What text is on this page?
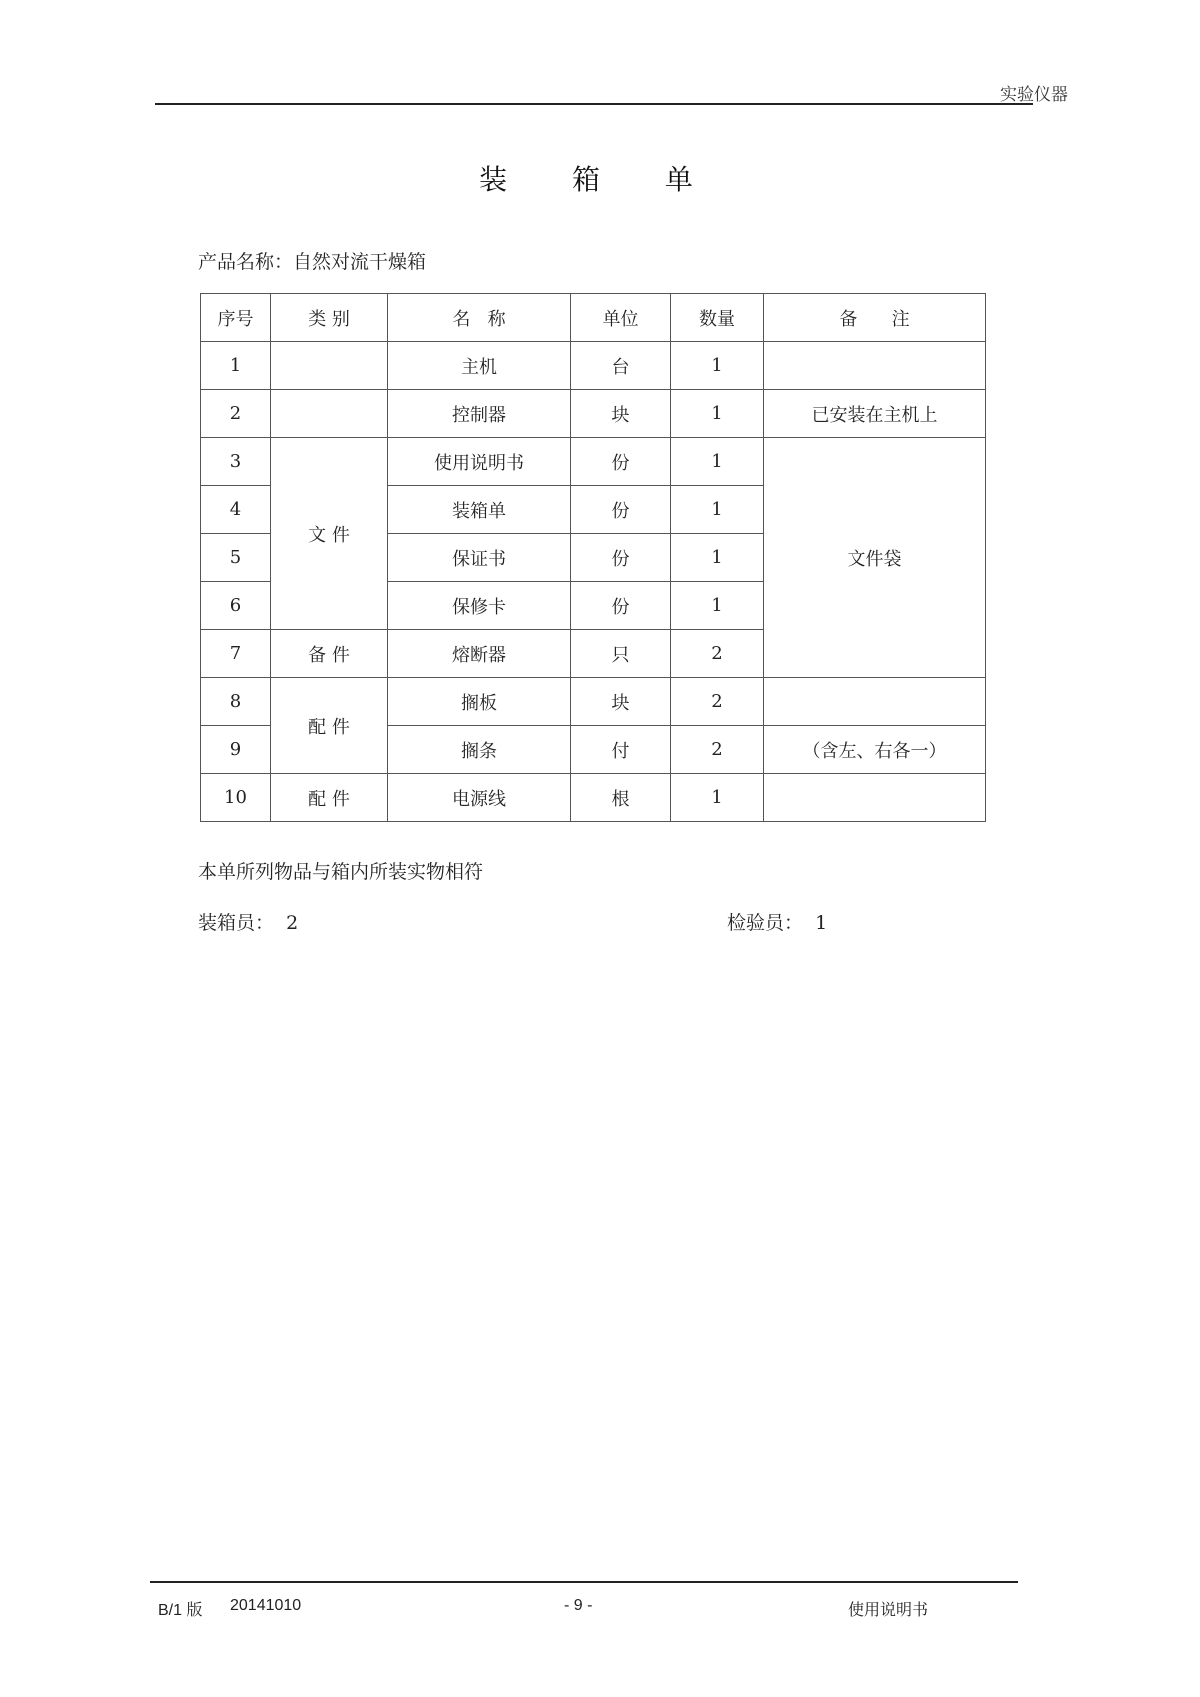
实验仪器
装 箱 单
产品名称：自然对流干燥箱
序号	类 别	名   称	单位	数量	备      注
1		主机	台	1	
2		控制器	块	1	已安装在主机上
3	文 件	使用说明书	份	1	文件袋
4		装箱单	份	1	
5		保证书	份	1	
6		保修卡	份	1	
7	备 件	熔断器	只	2	
8	配 件	搁板	块	2	
9		搁条	付	2	（含左、右各一）
10	配 件	电源线	根	1	
本单所列物品与箱内所装实物相符
装箱员：  2	检验员：  1
B/1 版 20141010	- 9 -	使用说明书
